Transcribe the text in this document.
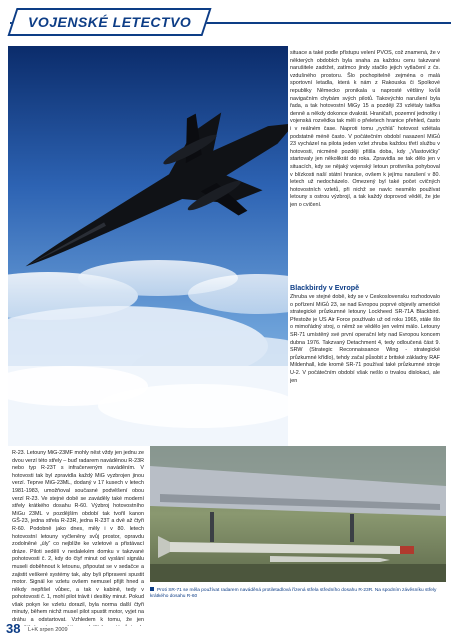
VOJENSKÉ LETECTVO

R-23. Letouny MiG-23MF mohly něst vždy jen jednu ze dvou verzí této střely – buď radarem naváděnou R-23R nebo typ R-23T s infračerveným naváděním. V hotovosti tak byl zpravidla každý MiG vyzbrojen jinou verzí. Teprve MiG-23ML, dodaný v 17 kusech v letech 1981-1983, umožňoval současné podvěšení obou verzí R-23. Ve stejné době se zaváděly také moderní střely krátkého dosahu R-60. Výzbroj hotovostního MiGu 23ML v pozdějším období tak tvořil kanon GŠ-23, jedna střela R-23R, jedna R-23T a dvě až čtyři R-60. Podobně jako dnes, měly i v 80. letech hotovostní letouny vyčleněny svůj prostor, opravdu zodolněné „úly“ co nejblíže ke vzletové a přistávací dráze. Piloti sedělí v nedalekém domku v takzvané pohotovosti č. 2, kdy do čtyř minut od vyslání signálu museli doběhnout k letounu, připoutat se v sedačce a zajistit veškeré systémy tak, aby byli připraveni spustit motor. Signál ke vzletu ovšem nemusel přijít hned a někdy nepřišel vůbec, a tak v kabině, tedy v pohotovosti č. 1, mohl pilot trávit i desítky minut. Pokud však pokyn ke vzletu dorazil, byla norma další čtyři minuty, během nichž musel pilot spustit motor, vyjet na dráhu a odstartovat. Vzhledem k tomu, že jen

situace a také podle přístupu velení PVOS, což znamená, že v některých obdobích byla snaha za každou cenu takzvané narušitele zadržet, zatímco jindy stačilo jejich vytlačení z čs. vzdušného prostoru. Šlo pochopitelně zejména o malá sportovní letadla, která k nám z Rakouska či Spolkové republiky Německo pronikala u naprosté většiny kvůli navigačním chybám svých pilotů. Takovýchto narušení byla řada, a tak hotovostní MiGy 15 a později 23 vzlétaly takřka denně a někdy dokonce dvakrát. Hraničaři, pozemní jednotky i vojenská rozvědka tak měli o přeletech hranice přehled, často i v reálném čase. Naproti tomu „rychlá“ hotovost vzlétala podstatně méně často. V počátečním období nasazení MiGů 23 vycházel na pilota jeden vzlet zhruba každou třetí službu v hotovosti, nicméně později přišla doba, kdy „Vlastovičky“ startovaly jen několikrát do roka. Zpravidla se tak dělo jen v situacích, kdy se nějaký vojenský letoun protivníka pohyboval v blízkosti naší státní hranice, ovšem k jejímu narušení v 80. letech už nedocházelo. Omezený byl také počet cvičných hotovostních vzletů, při nichž se navíc nesmělo používat letouny s ostrou výzbrojí, a tak každý doprovod věděl, že jde jen o cvičení.

Blackbirdy v Evropě

Zhruba ve stejné době, kdy se v Československu rozhodovalo o pořízení MiGů 23, se nad Evropou poprvé objevily americké strategické průzkumné letouny Lockheed SR-71A Blackbird. Přestože je US Air Force používalo už od roku 1965, stále šlo o mimořádný stroj, o němž se vědělo jen velmi málo. Letouny SR-71 umístěný své první operační lety nad Evropou koncem dubna 1976. Takzvaný Detachment 4, tedy odloučená část 9. SRW (Strategic Reconnaissance Wing - strategické průzkumné křídlo), tehdy začal působit z britské základny RAF Mildenhall, kde kromě SR-71 používal také průzkumné stroje U-2. V počátečním období však nešlo o trvalou dislokaci, ale jen

Proti SR-71 se měla používat radarem naváděná protiletadlová řízená střela středního dosahu R-23R. Na spodním závěsníku střely krátkého dosahu R-60
38 L+K srpen 2009
